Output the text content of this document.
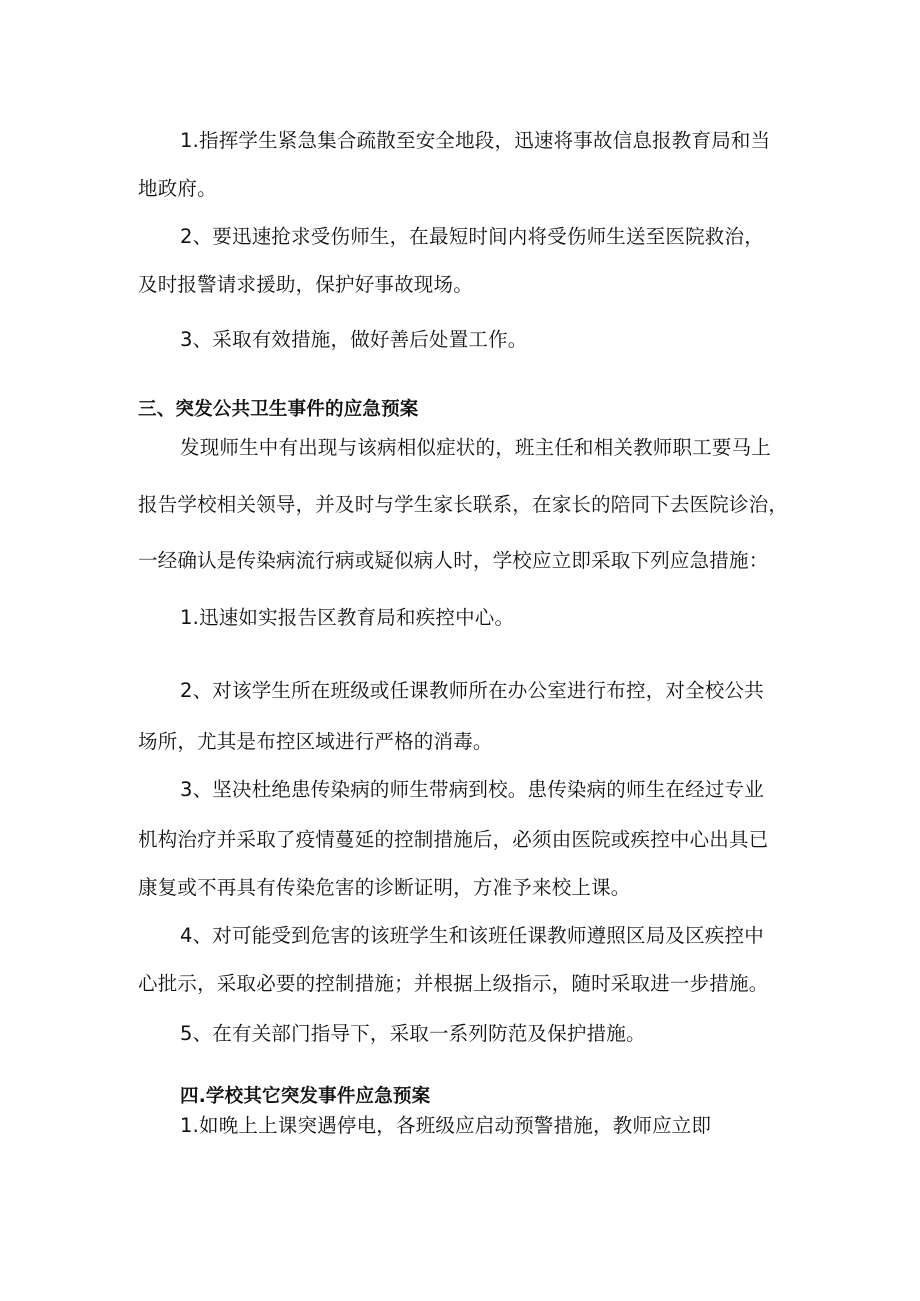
1.指挥学生紧急集合疏散至安全地段，迅速将事故信息报教育局和当
地政府。
2、要迅速抢求受伤师生，在最短时间内将受伤师生送至医院救治，
及时报警请求援助，保护好事故现场。
3、采取有效措施，做好善后处置工作。
三、突发公共卫生事件的应急预案
发现师生中有出现与该病相似症状的，班主任和相关教师职工要马上
报告学校相关领导，并及时与学生家长联系，在家长的陪同下去医院诊治，
一经确认是传染病流行病或疑似病人时，学校应立即采取下列应急措施：
1.迅速如实报告区教育局和疾控中心。
2、对该学生所在班级或任课教师所在办公室进行布控，对全校公共
场所，尤其是布控区域进行严格的消毒。
3、坚决杜绝患传染病的师生带病到校。患传染病的师生在经过专业
机构治疗并采取了疫情蔓延的控制措施后，必须由医院或疾控中心出具已
康复或不再具有传染危害的诊断证明，方准予来校上课。
4、对可能受到危害的该班学生和该班任课教师遵照区局及区疾控中
心批示，采取必要的控制措施；并根据上级指示，随时采取进一步措施。
5、在有关部门指导下，采取一系列防范及保护措施。
四.学校其它突发事件应急预案
1.如晚上上课突遇停电，各班级应启动预警措施，教师应立即
